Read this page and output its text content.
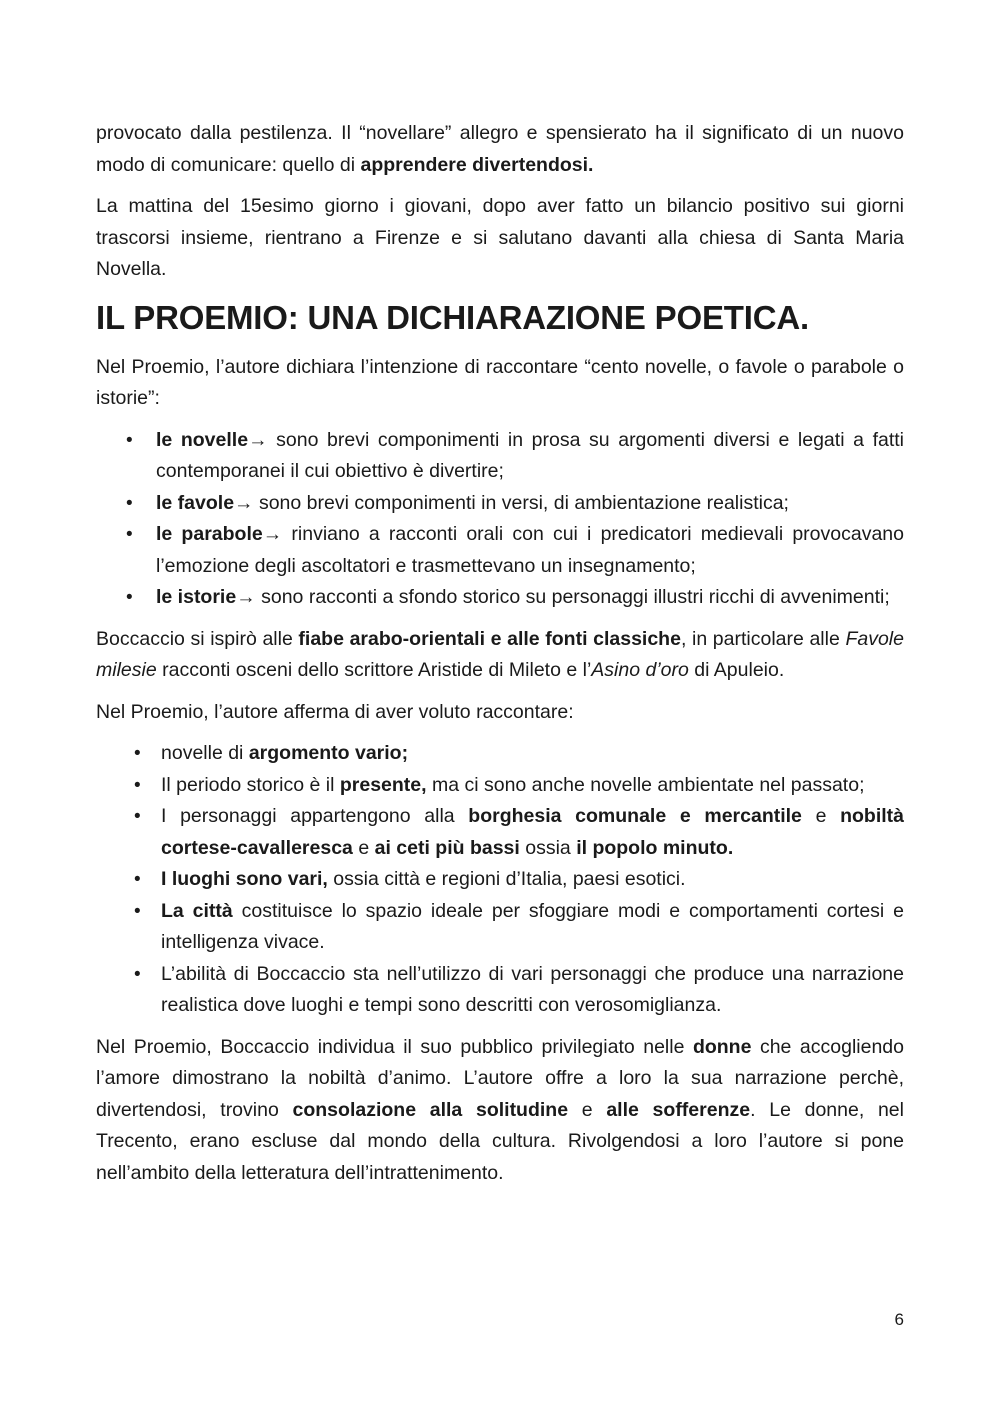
provocato dalla pestilenza. Il “novellare” allegro e spensierato ha il significato di un nuovo modo di comunicare: quello di apprendere divertendosi.

La mattina del 15esimo giorno i giovani, dopo aver fatto un bilancio positivo sui giorni trascorsi insieme, rientrano a Firenze e si salutano davanti alla chiesa di Santa Maria Novella.

IL PROEMIO: UNA DICHIARAZIONE POETICA.

Nel Proemio, l’autore dichiara l’intenzione di raccontare “cento novelle, o favole o parabole o istorie”:

• le novelle→ sono brevi componimenti in prosa su argomenti diversi e legati a fatti contemporanei il cui obiettivo è divertire;
• le favole→ sono brevi componimenti in versi, di ambientazione realistica;
• le parabole→ rinviano a racconti orali con cui i predicatori medievali provocavano l’emozione degli ascoltatori e trasmettevano un insegnamento;
• le istorie→ sono racconti a sfondo storico su personaggi illustri ricchi di avvenimenti;

Boccaccio si ispirò alle fiabe arabo-orientali e alle fonti classiche, in particolare alle Favole milesie racconti osceni dello scrittore Aristide di Mileto e l’Asino d’oro di Apuleio.

Nel Proemio, l’autore afferma di aver voluto raccontare:

• novelle di argomento vario;
• Il periodo storico è il presente, ma ci sono anche novelle ambientate nel passato;
• I personaggi appartengono alla borghesia comunale e mercantile e nobiltà cortese-cavalleresca e ai ceti più bassi ossia il popolo minuto.
• I luoghi sono vari, ossia città e regioni d’Italia, paesi esotici.
• La città costituisce lo spazio ideale per sfoggiare modi e comportamenti cortesi e intelligenza vivace.
• L’abilità di Boccaccio sta nell’utilizzo di vari personaggi che produce una narrazione realistica dove luoghi e tempi sono descritti con verosomiglianza.

Nel Proemio, Boccaccio individua il suo pubblico privilegiato nelle donne che accogliendo l’amore dimostrano la nobiltà d’animo. L’autore offre a loro la sua narrazione perchè, divertendosi, trovino consolazione alla solitudine e alle sofferenze. Le donne, nel Trecento, erano escluse dal mondo della cultura. Rivolgendosi a loro l’autore si pone nell’ambito della letteratura dell’intrattenimento.

6
